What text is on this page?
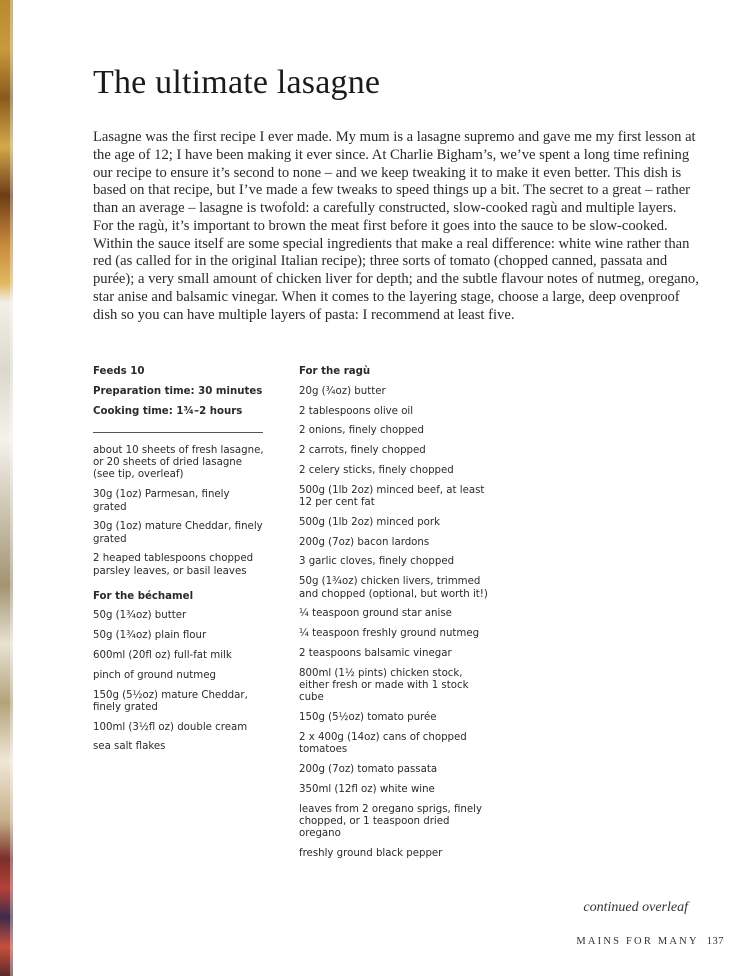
The ultimate lasagne

Lasagne was the first recipe I ever made. My mum is a lasagne supremo and gave me my first lesson at the age of 12; I have been making it ever since. At Charlie Bigham’s, we’ve spent a long time refining our recipe to ensure it’s second to none – and we keep tweaking it to make it even better. This dish is based on that recipe, but I’ve made a few tweaks to speed things up a bit. The secret to a great – rather than an average – lasagne is twofold: a carefully constructed, slow-cooked ragù and multiple layers. For the ragù, it’s important to brown the meat first before it goes into the sauce to be slow-cooked. Within the sauce itself are some special ingredients that make a real difference: white wine rather than red (as called for in the original Italian recipe); three sorts of tomato (chopped canned, passata and purée); a very small amount of chicken liver for depth; and the subtle flavour notes of nutmeg, oregano, star anise and balsamic vinegar. When it comes to the layering stage, choose a large, deep ovenproof dish so you can have multiple layers of pasta: I recommend at least five.

Feeds 10
Preparation time: 30 minutes
Cooking time: 1¾–2 hours
about 10 sheets of fresh lasagne, or 20 sheets of dried lasagne (see tip, overleaf)
30g (1oz) Parmesan, finely grated
30g (1oz) mature Cheddar, finely grated
2 heaped tablespoons chopped parsley leaves, or basil leaves
For the béchamel
50g (1¾oz) butter
50g (1¾oz) plain flour
600ml (20fl oz) full-fat milk
pinch of ground nutmeg
150g (5½oz) mature Cheddar, finely grated
100ml (3½fl oz) double cream
sea salt flakes
For the ragù
20g (¾oz) butter
2 tablespoons olive oil
2 onions, finely chopped
2 carrots, finely chopped
2 celery sticks, finely chopped
500g (1lb 2oz) minced beef, at least 12 per cent fat
500g (1lb 2oz) minced pork
200g (7oz) bacon lardons
3 garlic cloves, finely chopped
50g (1¾oz) chicken livers, trimmed and chopped (optional, but worth it!)
¼ teaspoon ground star anise
¼ teaspoon freshly ground nutmeg
2 teaspoons balsamic vinegar
800ml (1½ pints) chicken stock, either fresh or made with 1 stock cube
150g (5½oz) tomato purée
2 x 400g (14oz) cans of chopped tomatoes
200g (7oz) tomato passata
350ml (12fl oz) white wine
leaves from 2 oregano sprigs, finely chopped, or 1 teaspoon dried oregano
freshly ground black pepper
continued overleaf
MAINS FOR MANY 137
